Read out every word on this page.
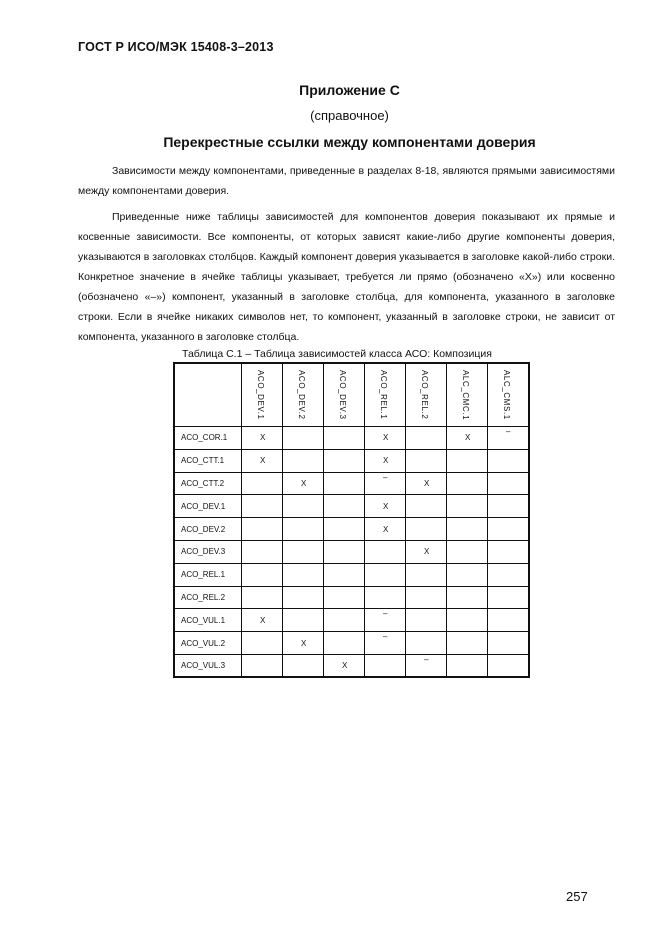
ГОСТ Р ИСО/МЭК 15408-3–2013
Приложение С
(справочное)
Перекрестные ссылки между компонентами доверия

Зависимости между компонентами, приведенные в разделах 8-18, являются прямыми зависимостями между компонентами доверия.

Приведенные ниже таблицы зависимостей для компонентов доверия показывают их прямые и косвенные зависимости. Все компоненты, от которых зависят какие-либо другие компоненты доверия, указываются в заголовках столбцов. Каждый компонент доверия указывается в заголовке какой-либо строки. Конкретное значение в ячейке таблицы указывает, требуется ли прямо (обозначено «X») или косвенно (обозначено «–») компонент, указанный в заголовке столбца, для компонента, указанного в заголовке строки. Если в ячейке никаких символов нет, то компонент, указанный в заголовке строки, не зависит от компонента, указанного в заголовке столбца.

Таблица С.1 – Таблица зависимостей класса АСО: Композиция

	ACO_DEV.1	ACO_DEV.2	ACO_DEV.3	ACO_REL.1	ACO_REL.2	ALC_CMC.1	ALC_CMS.1

ACO_COR.1	X			X		X	–

ACO_CTT.1	X			X	

ACO_CTT.2		X		–	X	

ACO_DEV.1				X	

ACO_DEV.2				X	

ACO_DEV.3					X	

ACO_REL.1	

ACO_REL.2	

ACO_VUL.1	X			–			

ACO_VUL.2		X		–			

ACO_VUL.3			X		–		

257
